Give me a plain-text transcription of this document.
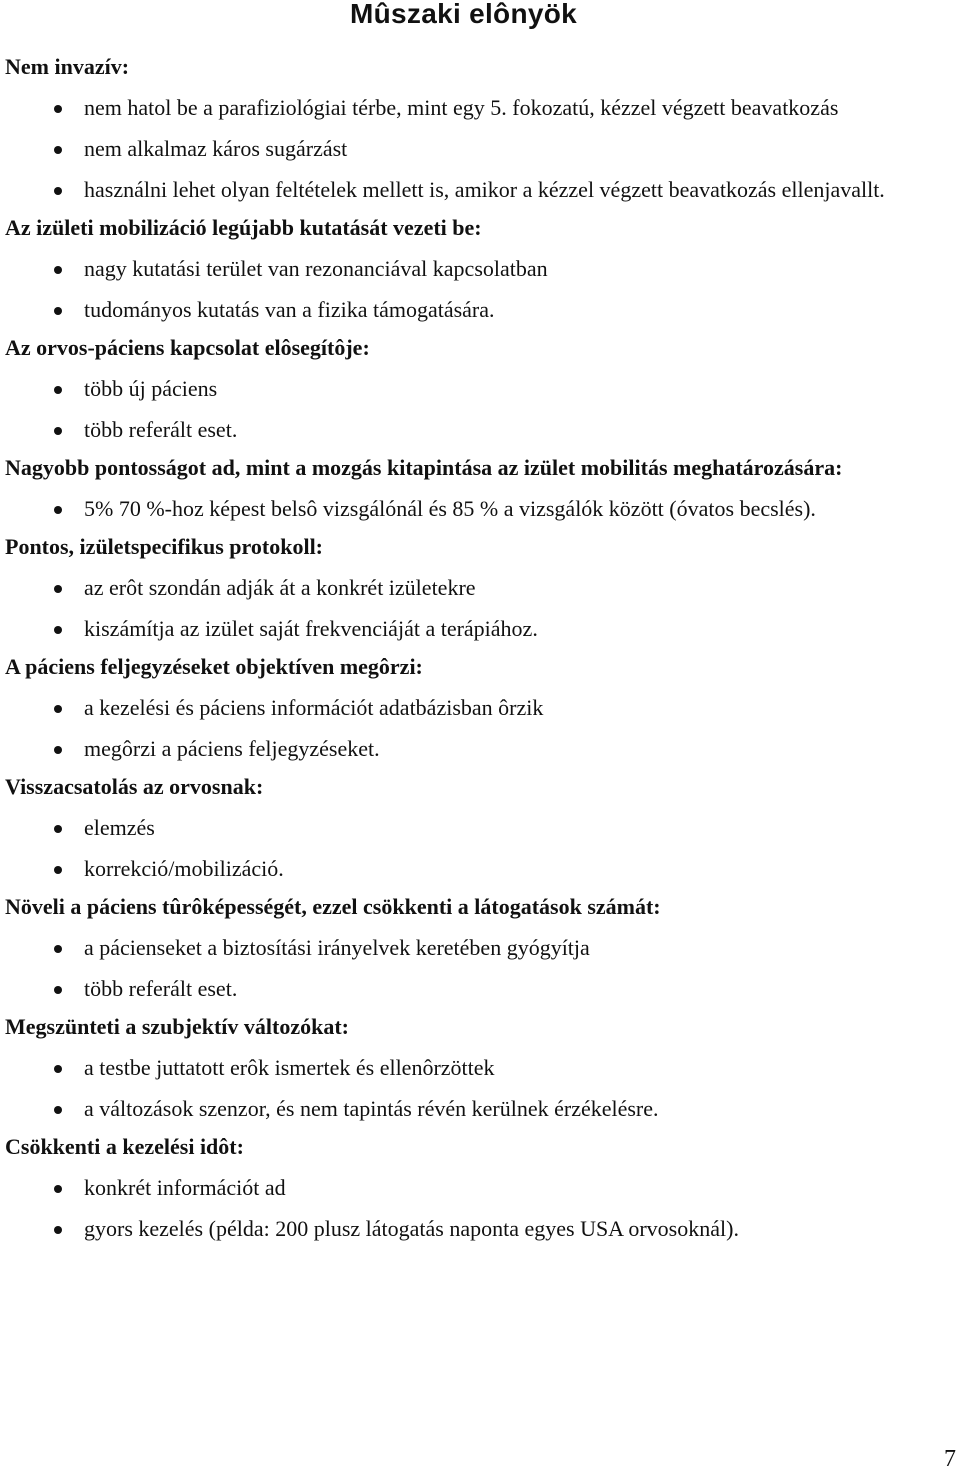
Mûszaki elônyök

Nem invazív:

nem hatol be a parafiziológiai térbe, mint egy 5. fokozatú, kézzel végzett beavatkozás
nem alkalmaz káros sugárzást
használni lehet olyan feltételek mellett is, amikor a kézzel végzett beavatkozás ellenjavallt.

Az izületi mobilizáció legújabb kutatását vezeti be:

nagy kutatási terület van rezonanciával kapcsolatban
tudományos kutatás van a fizika támogatására.

Az orvos-páciens kapcsolat elôsegítôje:

több új páciens
több referált eset.

Nagyobb pontosságot ad, mint a mozgás kitapintása az izület mobilitás meghatározására:

5% 70 %-hoz képest belsô vizsgálónál és 85 % a vizsgálók között (óvatos becslés).

Pontos, izületspecifikus protokoll:

az erôt szondán adják át a konkrét izületekre
kiszámítja az izület saját frekvenciáját a terápiához.

A páciens feljegyzéseket objektíven megôrzi:

a kezelési és páciens információt adatbázisban ôrzik
megôrzi a páciens feljegyzéseket.

Visszacsatolás az orvosnak:

elemzés
korrekció/mobilizáció.

Növeli a páciens tûrôképességét, ezzel csökkenti a látogatások számát:

a pácienseket a biztosítási irányelvek keretében gyógyítja
több referált eset.

Megszünteti a szubjektív változókat:

a testbe juttatott erôk ismertek és ellenôrzöttek
a változások szenzor, és nem tapintás révén kerülnek érzékelésre.

Csökkenti a kezelési idôt:

konkrét információt ad
gyors kezelés (példa: 200 plusz látogatás naponta egyes USA orvosoknál).
7
